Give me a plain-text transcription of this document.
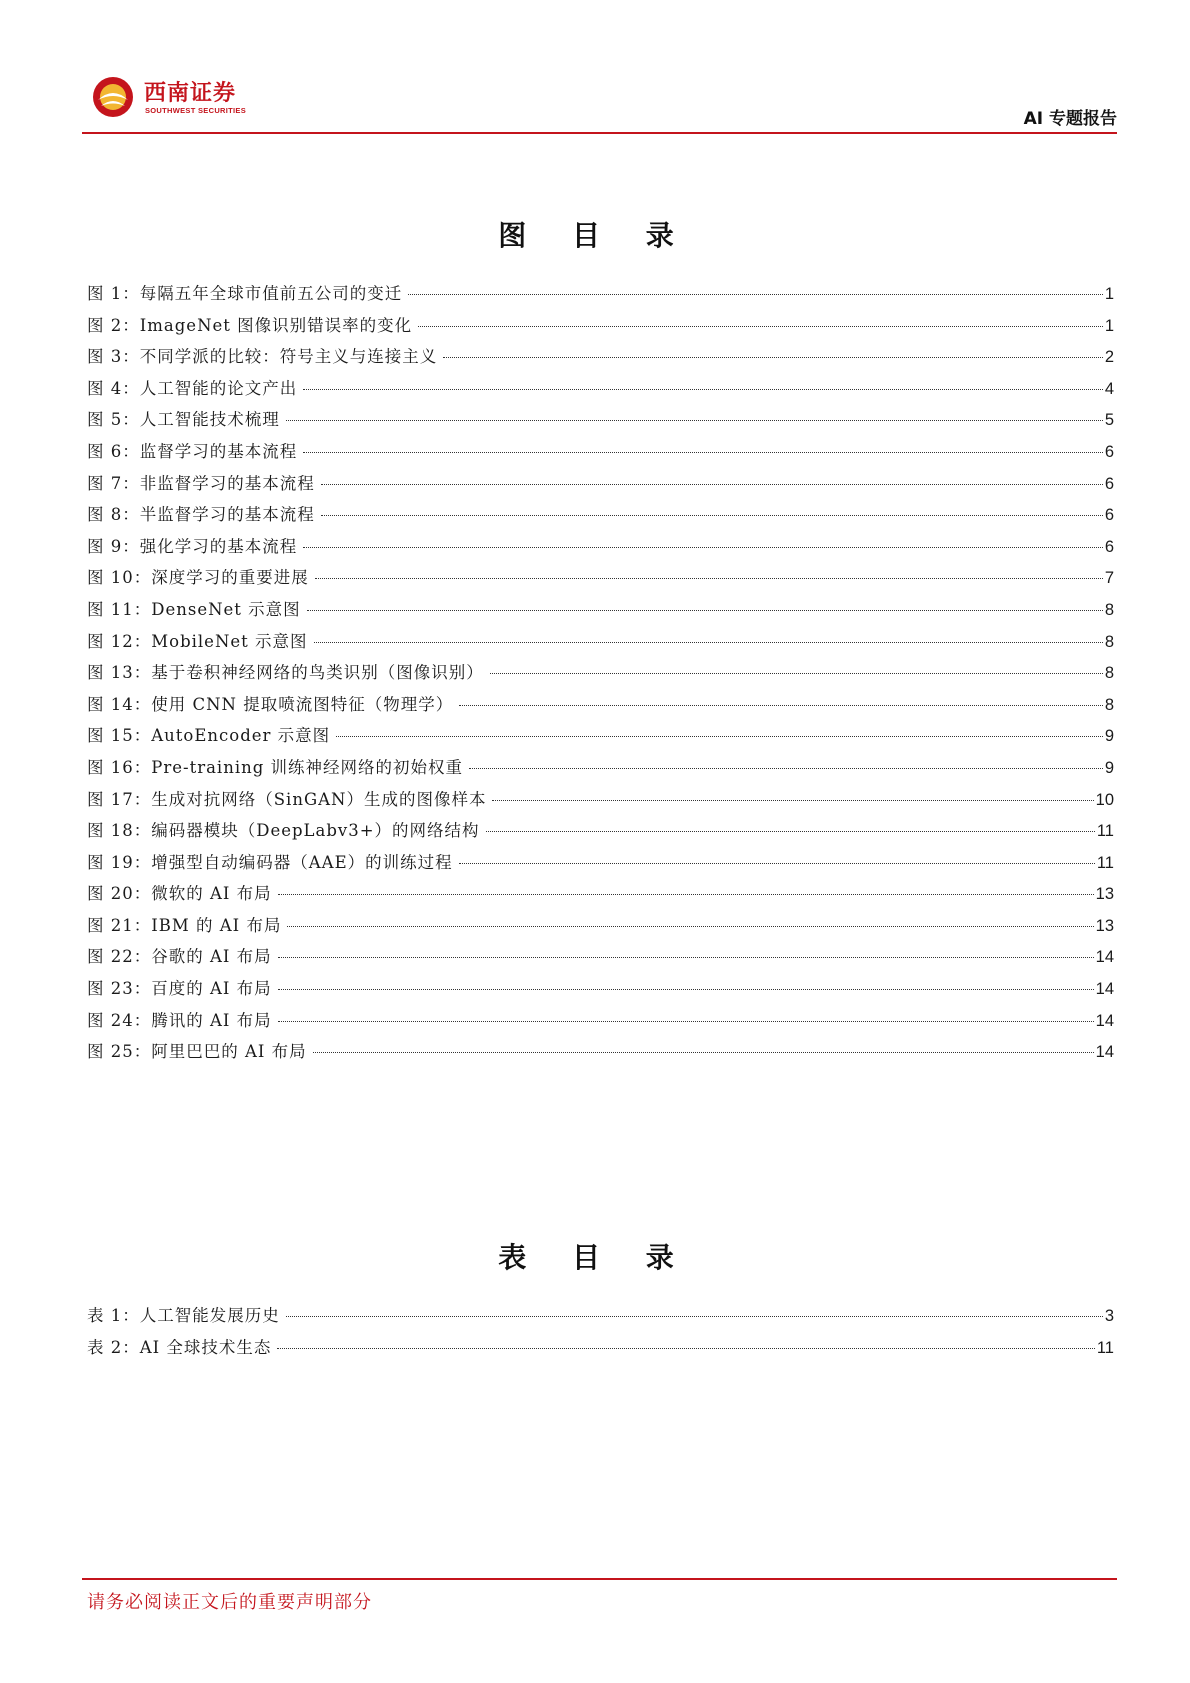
西南证券
SOUTHWEST SECURITIES	AI 专题报告
图 目 录
图 1：每隔五年全球市值前五公司的变迁	1
图 2：ImageNet 图像识别错误率的变化	1
图 3：不同学派的比较：符号主义与连接主义	2
图 4：人工智能的论文产出	4
图 5：人工智能技术梳理	5
图 6：监督学习的基本流程	6
图 7：非监督学习的基本流程	6
图 8：半监督学习的基本流程	6
图 9：强化学习的基本流程	6
图 10：深度学习的重要进展	7
图 11：DenseNet 示意图	8
图 12：MobileNet 示意图	8
图 13：基于卷积神经网络的鸟类识别（图像识别）	8
图 14：使用 CNN 提取喷流图特征（物理学）	8
图 15：AutoEncoder 示意图	9
图 16：Pre-training 训练神经网络的初始权重	9
图 17：生成对抗网络（SinGAN）生成的图像样本	10
图 18：编码器模块（DeepLabv3+）的网络结构	11
图 19：增强型自动编码器（AAE）的训练过程	11
图 20：微软的 AI 布局	13
图 21：IBM 的 AI 布局	13
图 22：谷歌的 AI 布局	14
图 23：百度的 AI 布局	14
图 24：腾讯的 AI 布局	14
图 25：阿里巴巴的 AI 布局	14
表 目 录
表 1：人工智能发展历史	3
表 2：AI 全球技术生态	11
请务必阅读正文后的重要声明部分
